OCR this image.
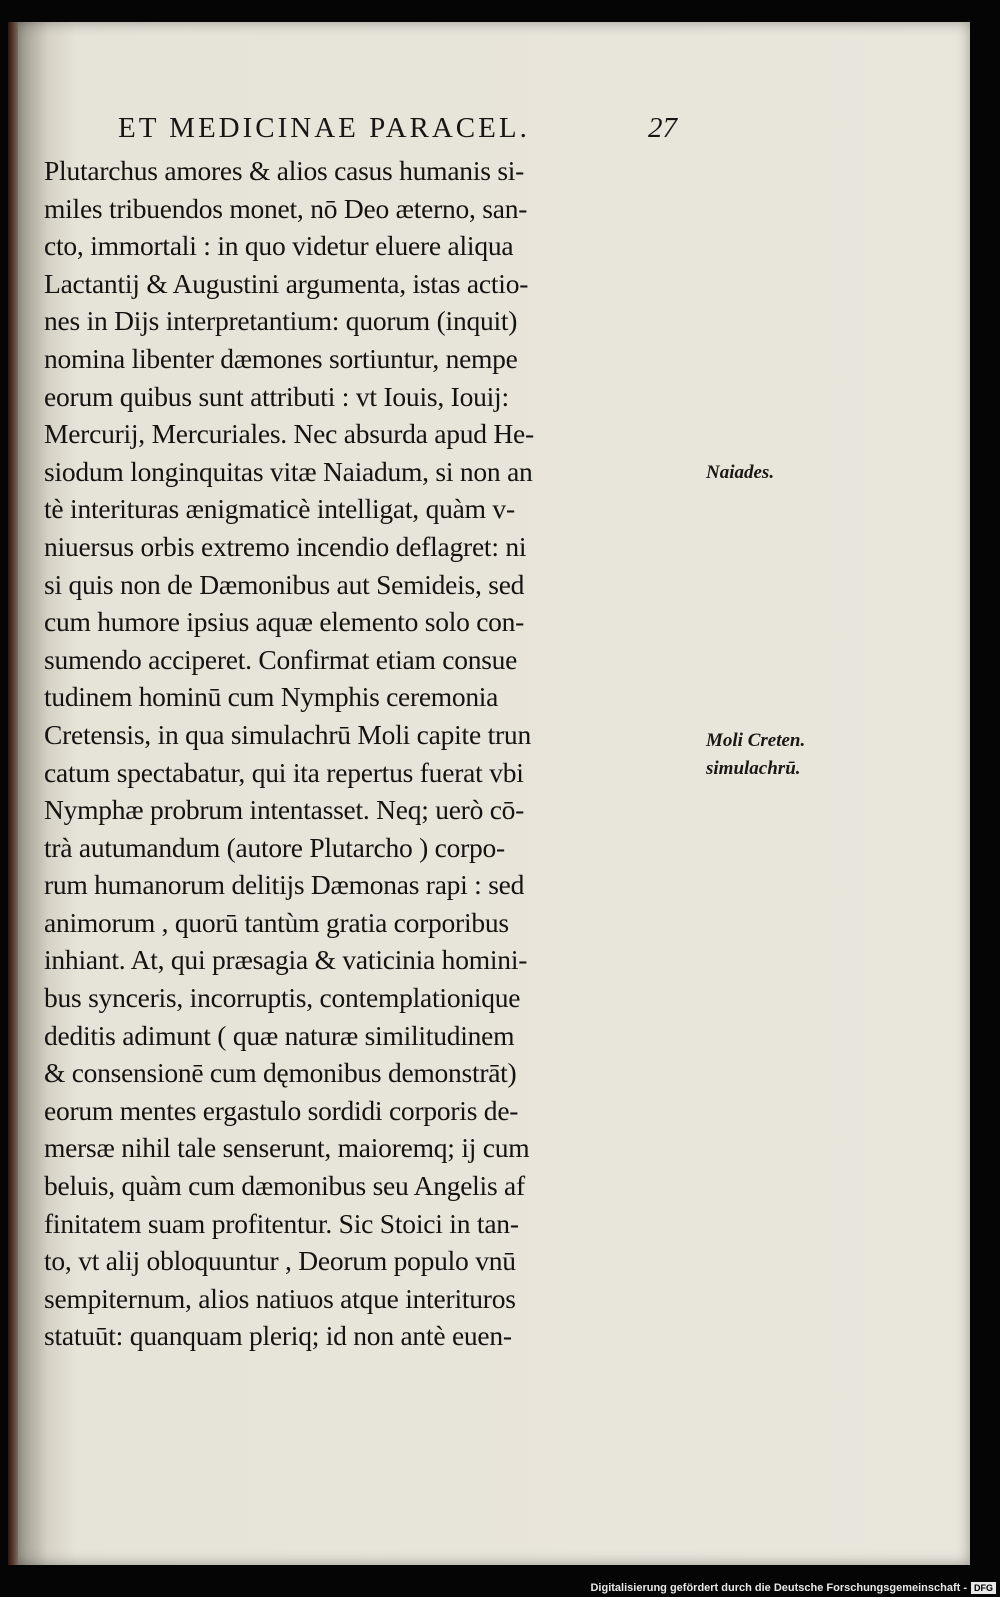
ET MEDICINAE PARACEL.	27
Plutarchus amores & alios casus humanis si-
miles tribuendos monet, nō Deo æterno, san-
cto, immortali : in quo videtur eluere aliqua
Lactantij & Augustini argumenta, istas actio-
nes in Dijs interpretantium: quorum (inquit)
nomina libenter dæmones sortiuntur, nempe
eorum quibus sunt attributi : vt Iouis, Iouij:
Mercurij, Mercuriales. Nec absurda apud He-
siodum longinquitas vitæ Naiadum, si non an
tè interituras ænigmaticè intelligat, quàm v-
niuersus orbis extremo incendio deflagret: ni
si quis non de Dæmonibus aut Semideis, sed
cum humore ipsius aquæ elemento solo con-
sumendo acciperet. Confirmat etiam consue
tudinem hominū cum Nymphis ceremonia
Cretensis, in qua simulachrū Moli capite trun
catum spectabatur, qui ita repertus fuerat vbi
Nymphæ probrum intentasset. Neq; uerò cō-
trà autumandum (autore Plutarcho ) corpo-
rum humanorum delitijs Dæmonas rapi : sed
animorum , quorū tantùm gratia corporibus
inhiant. At, qui præsagia & vaticinia homini-
bus synceris, incorruptis, contemplationique
deditis adimunt ( quæ naturæ similitudinem
& consensionē cum dęmonibus demonstrāt)
eorum mentes ergastulo sordidi corporis de-
mersæ nihil tale senserunt, maioremq; ij cum
beluis, quàm cum dæmonibus seu Angelis af
finitatem suam profitentur. Sic Stoici in tan-
to, vt alij obloquuntur , Deorum populo vnū
sempiternum, alios natiuos atque interituros
statuūt: quanquam pleriq; id non antè euen-
Naiades.
Moli Creten.
simulachrū.
Digitalisierung gefördert durch die Deutsche Forschungsgemeinschaft - DFG
